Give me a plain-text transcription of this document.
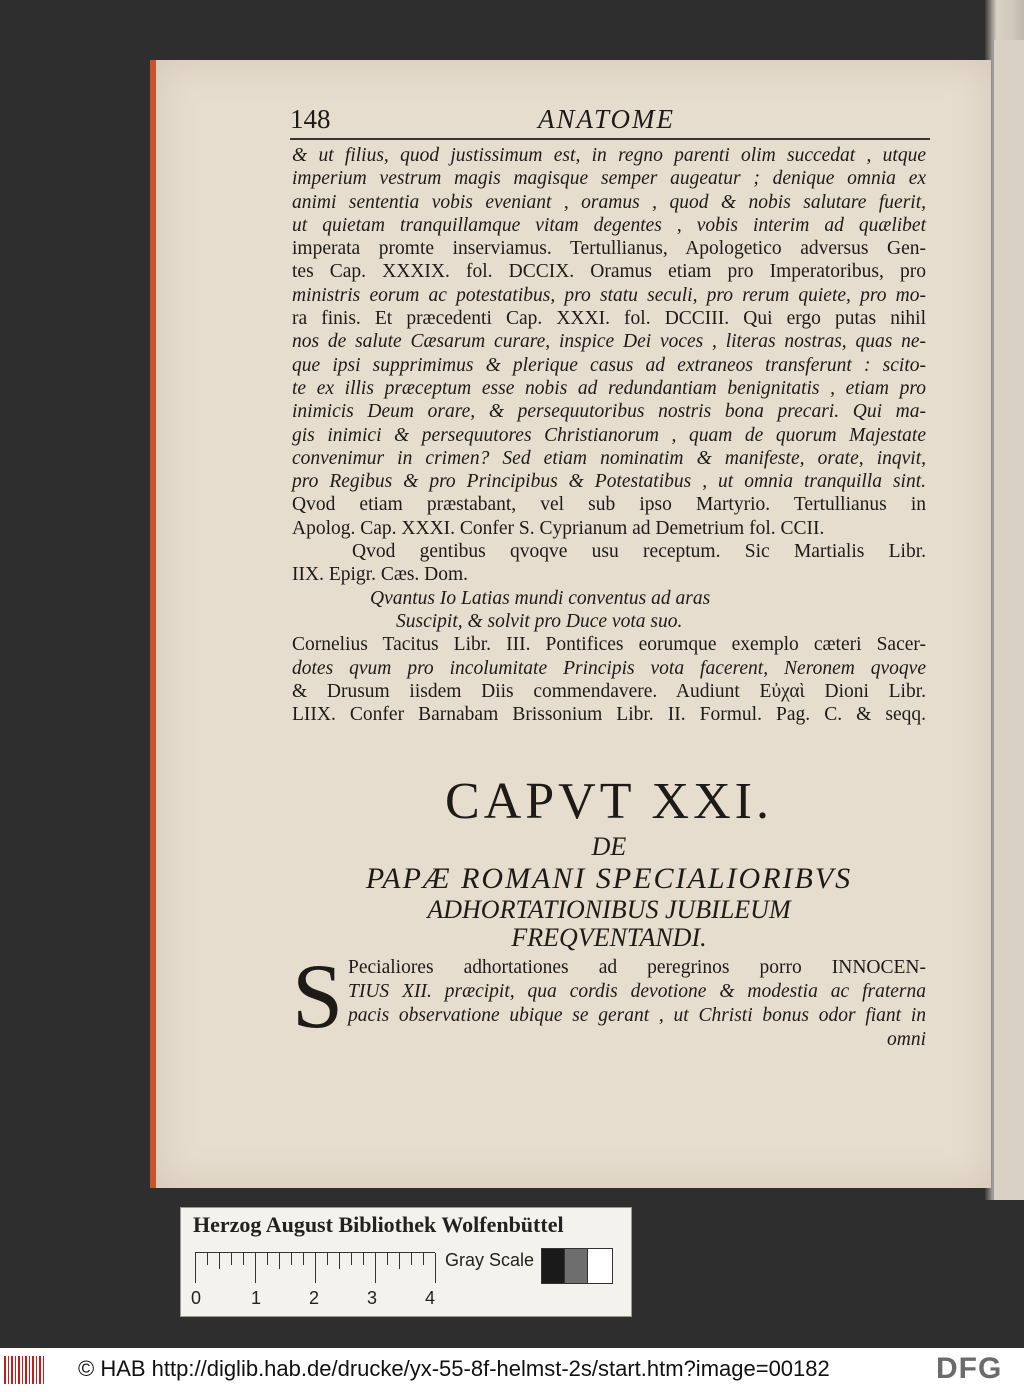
148	ANATOME
& ut filius, quod justissimum est, in regno parenti olim succedat , utque
imperium vestrum magis magisque semper augeatur ; denique omnia ex
animi sententia vobis eveniant , oramus , quod & nobis salutare fuerit,
ut quietam tranquillamque vitam degentes , vobis interim ad quælibet
imperata promte inserviamus. Tertullianus, Apologetico adversus Gen-
tes Cap. XXXIX. fol. DCCIX. Oramus etiam pro Imperatoribus, pro
ministris eorum ac potestatibus, pro statu seculi, pro rerum quiete, pro mo-
ra finis. Et præcedenti Cap. XXXI. fol. DCCIII. Qui ergo putas nihil
nos de salute Cæsarum curare, inspice Dei voces , literas nostras, quas ne-
que ipsi supprimimus & plerique casus ad extraneos transferunt : scito-
te ex illis præceptum esse nobis ad redundantiam benignitatis , etiam pro
inimicis Deum orare, & persequutoribus nostris bona precari. Qui ma-
gis inimici & persequutores Christianorum , quam de quorum Majestate
convenimur in crimen? Sed etiam nominatim & manifeste, orate, inqvit,
pro Regibus & pro Principibus & Potestatibus , ut omnia tranquilla sint.
Qvod etiam præstabant, vel sub ipso Martyrio. Tertullianus in
Apolog. Cap. XXXI. Confer S. Cyprianum ad Demetrium fol. CCII.
Qvod gentibus qvoqve usu receptum. Sic Martialis Libr.
IIX. Epigr. Cæs. Dom.
Qvantus Io Latias mundi conventus ad aras
Suscipit, & solvit pro Duce vota suo.
Cornelius Tacitus Libr. III. Pontifices eorumque exemplo cæteri Sacer-
dotes qvum pro incolumitate Principis vota facerent, Neronem qvoqve
& Drusum iisdem Diis commendavere. Audiunt Εὐχαὶ Dioni Libr.
LIIX. Confer Barnabam Brissonium Libr. II. Formul. Pag. C. & seqq.
CAPVT XXI.
DE
PAPÆ ROMANI SPECIALIORIBVS
ADHORTATIONIBUS JUBILEUM
FREQVENTANDI.
S Pecialiores adhortationes ad peregrinos porro INNOCEN-
TIUS XII. præcipit, qua cordis devotione & modestia ac fraterna
pacis observatione ubique se gerant , ut Christi bonus odor fiant in
omni
Herzog August Bibliothek Wolfenbüttel
0	1	2	3	4
Gray Scale
© HAB http://diglib.hab.de/drucke/yx-55-8f-helmst-2s/start.htm?image=00182	DFG
